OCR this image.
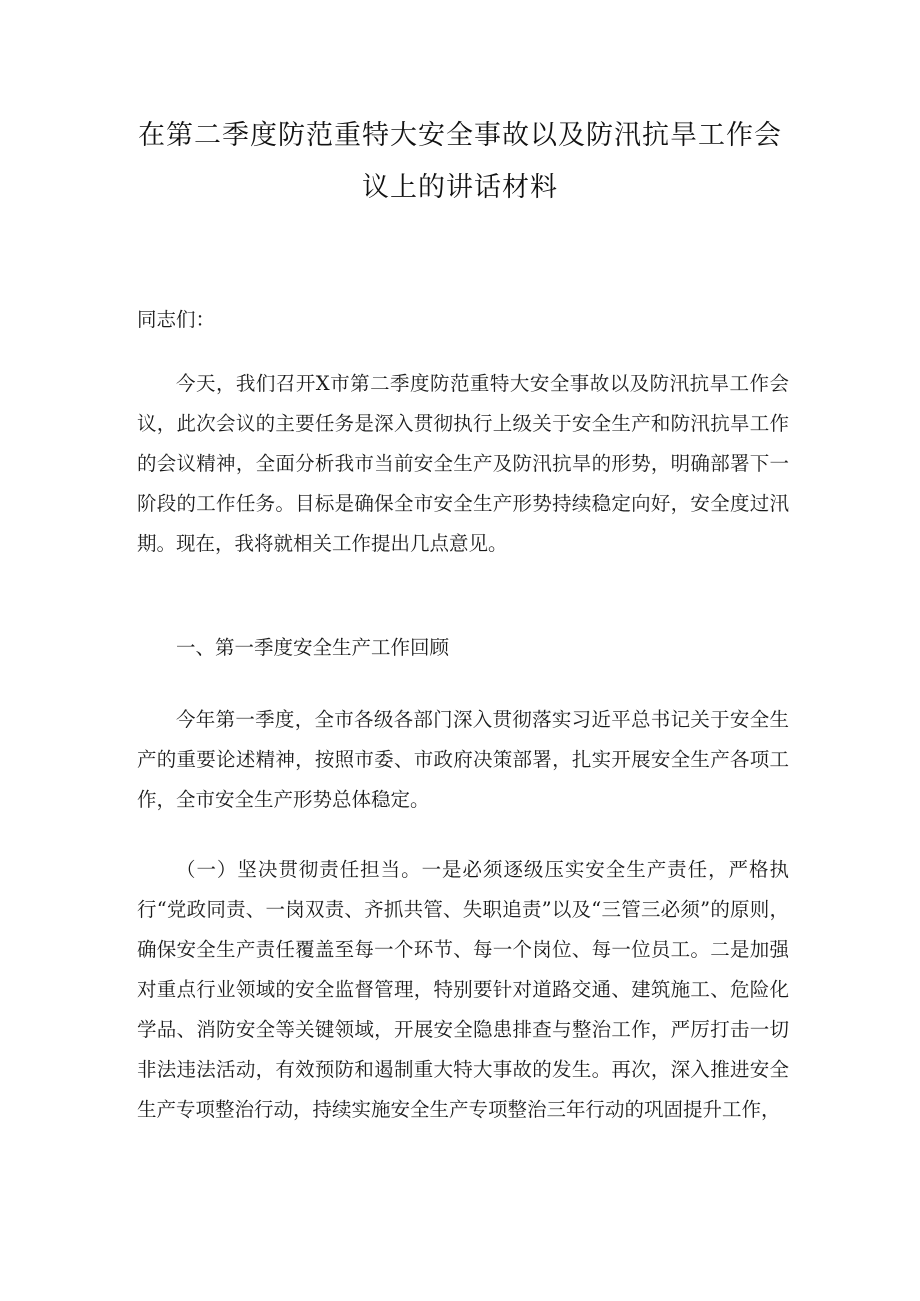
在第二季度防范重特大安全事故以及防汛抗旱工作会
议上的讲话材料

同志们：

今天，我们召开X市第二季度防范重特大安全事故以及防汛抗旱工作会议，此次会议的主要任务是深入贯彻执行上级关于安全生产和防汛抗旱工作的会议精神，全面分析我市当前安全生产及防汛抗旱的形势，明确部署下一阶段的工作任务。目标是确保全市安全生产形势持续稳定向好，安全度过汛期。现在，我将就相关工作提出几点意见。

一、第一季度安全生产工作回顾

今年第一季度，全市各级各部门深入贯彻落实习近平总书记关于安全生产的重要论述精神，按照市委、市政府决策部署，扎实开展安全生产各项工作，全市安全生产形势总体稳定。

（一）坚决贯彻责任担当。一是必须逐级压实安全生产责任，严格执行“党政同责、一岗双责、齐抓共管、失职追责”以及“三管三必须”的原则，确保安全生产责任覆盖至每一个环节、每一个岗位、每一位员工。二是加强对重点行业领域的安全监督管理，特别要针对道路交通、建筑施工、危险化学品、消防安全等关键领域，开展安全隐患排查与整治工作，严厉打击一切非法违法活动，有效预防和遏制重大特大事故的发生。再次，深入推进安全生产专项整治行动，持续实施安全生产专项整治三年行动的巩固提升工作，
